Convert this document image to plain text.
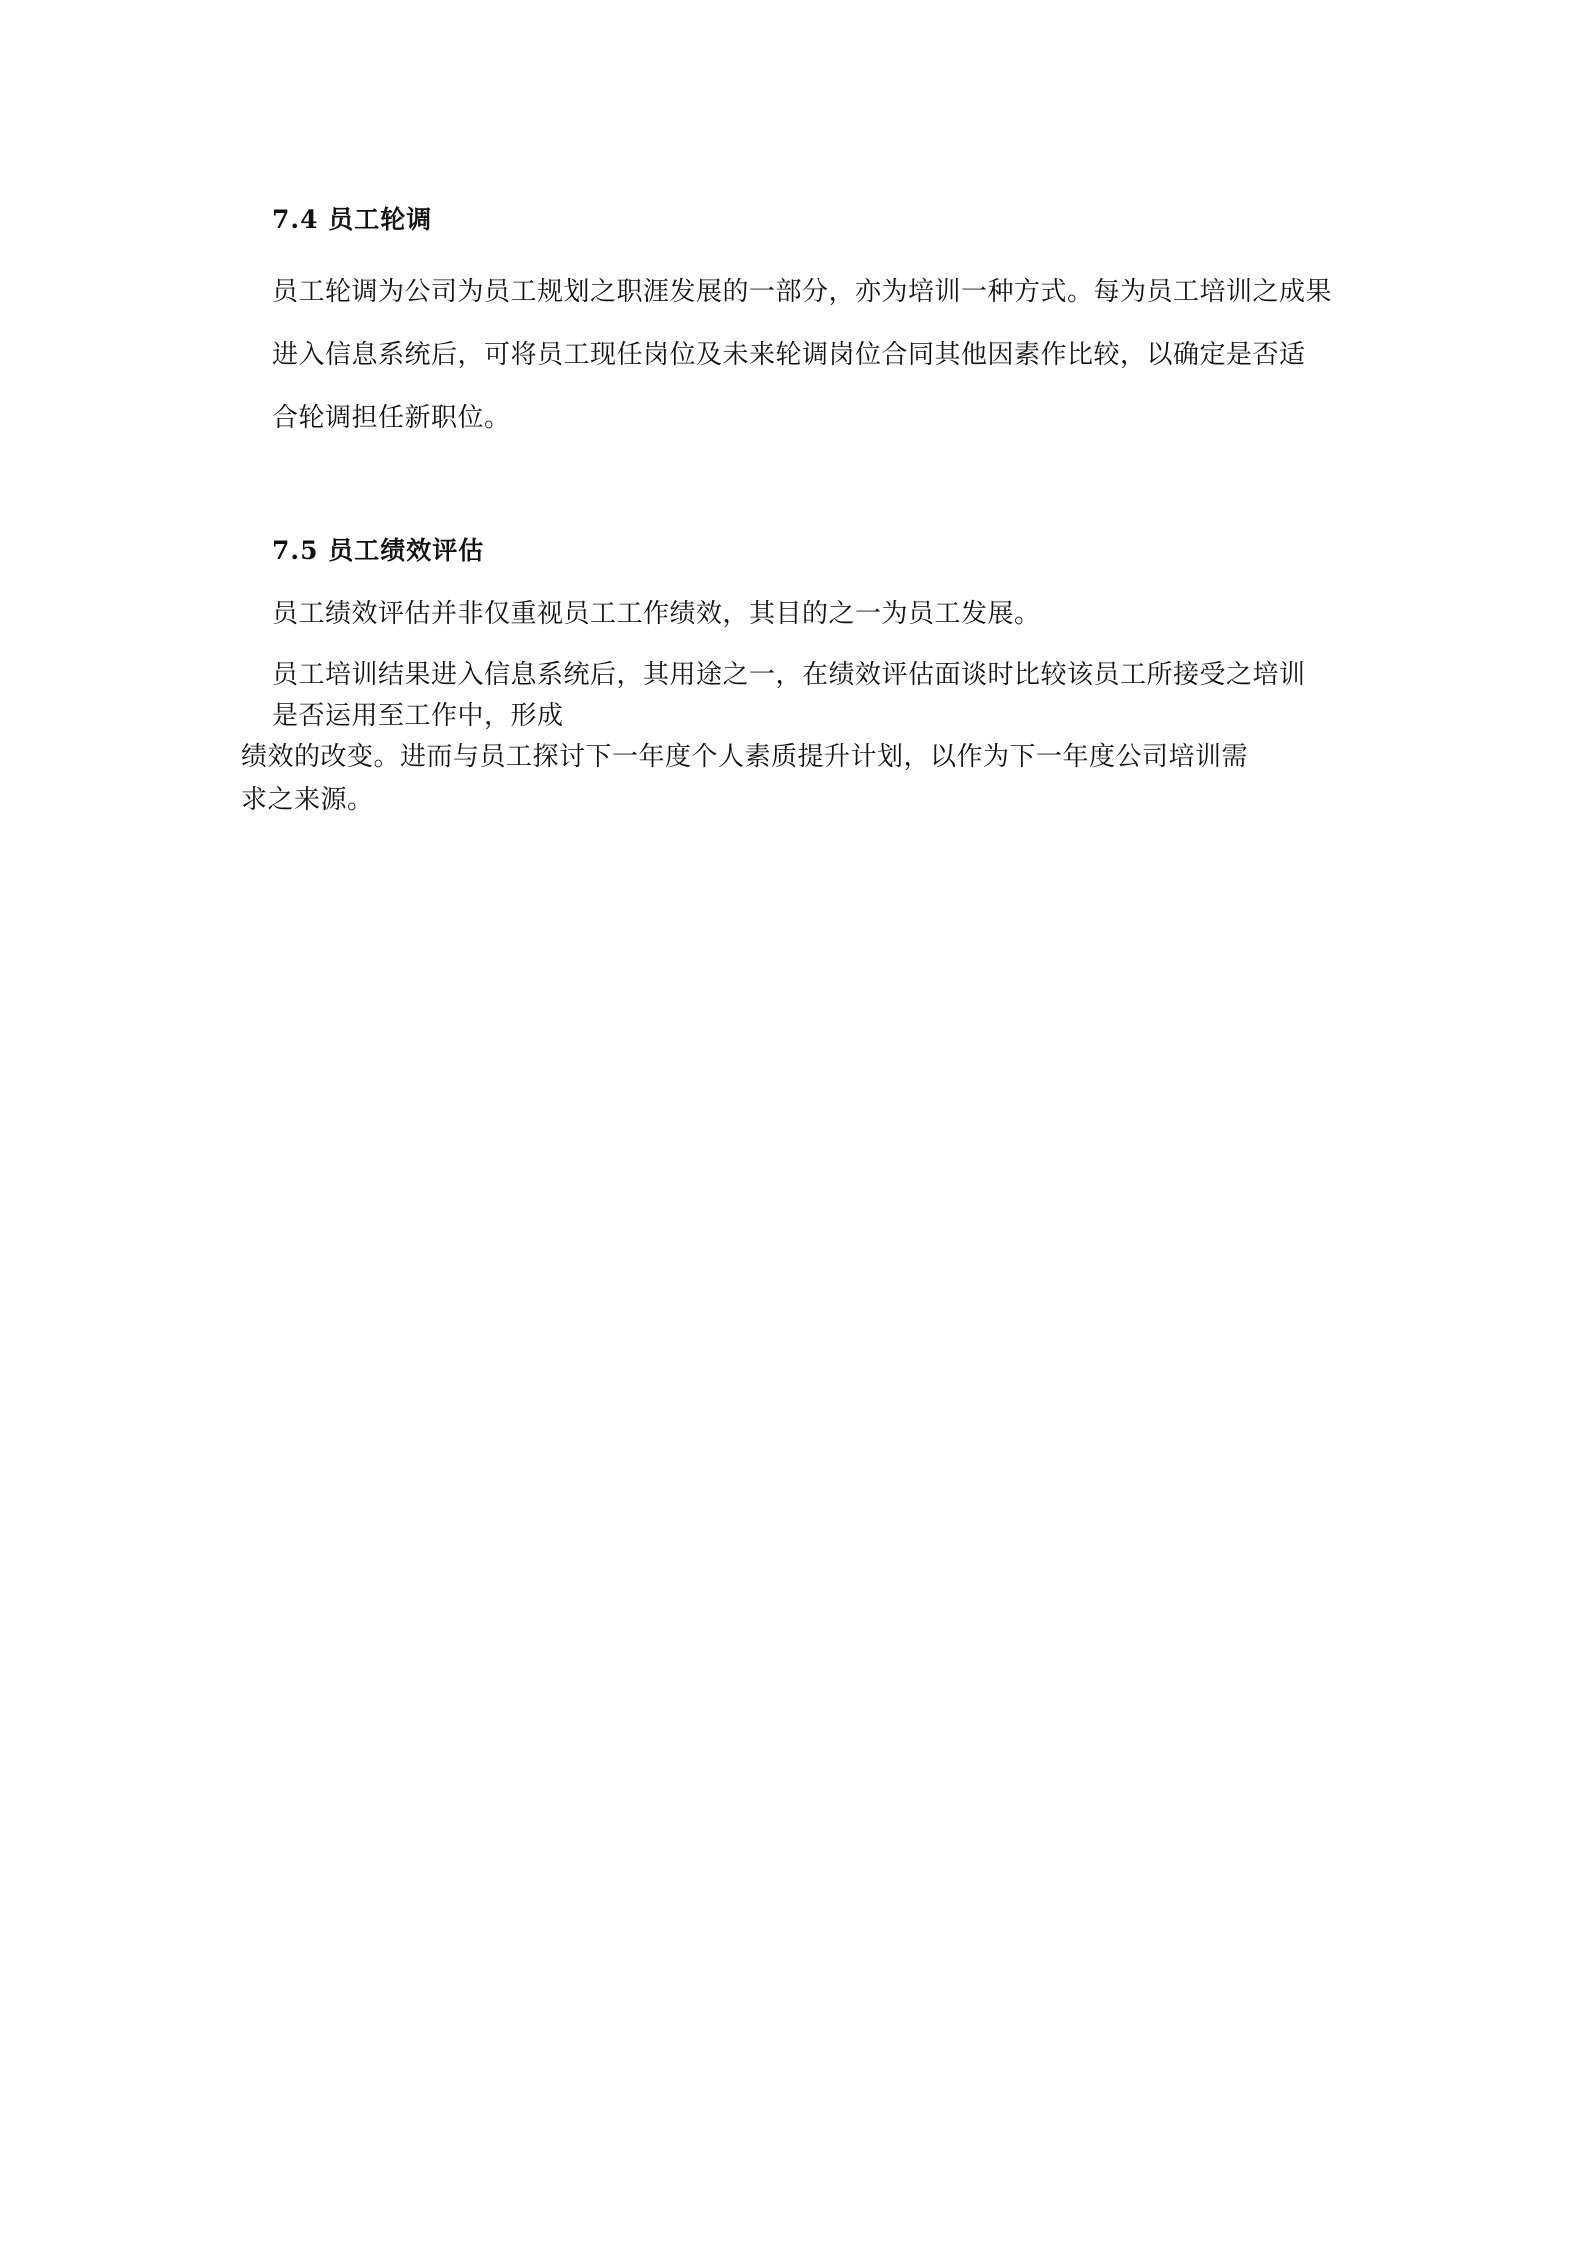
7.4 员工轮调
员工轮调为公司为员工规划之职涯发展的一部分，亦为培训一种方式。每为员工培训之成果
进入信息系统后，可将员工现任岗位及未来轮调岗位合同其他因素作比较，以确定是否适
合轮调担任新职位。
7.5 员工绩效评估
员工绩效评估并非仅重视员工工作绩效，其目的之一为员工发展。
员工培训结果进入信息系统后，其用途之一，在绩效评估面谈时比较该员工所接受之培训
是否运用至工作中，形成
绩效的改变。进而与员工探讨下一年度个人素质提升计划，以作为下一年度公司培训需
求之来源。
